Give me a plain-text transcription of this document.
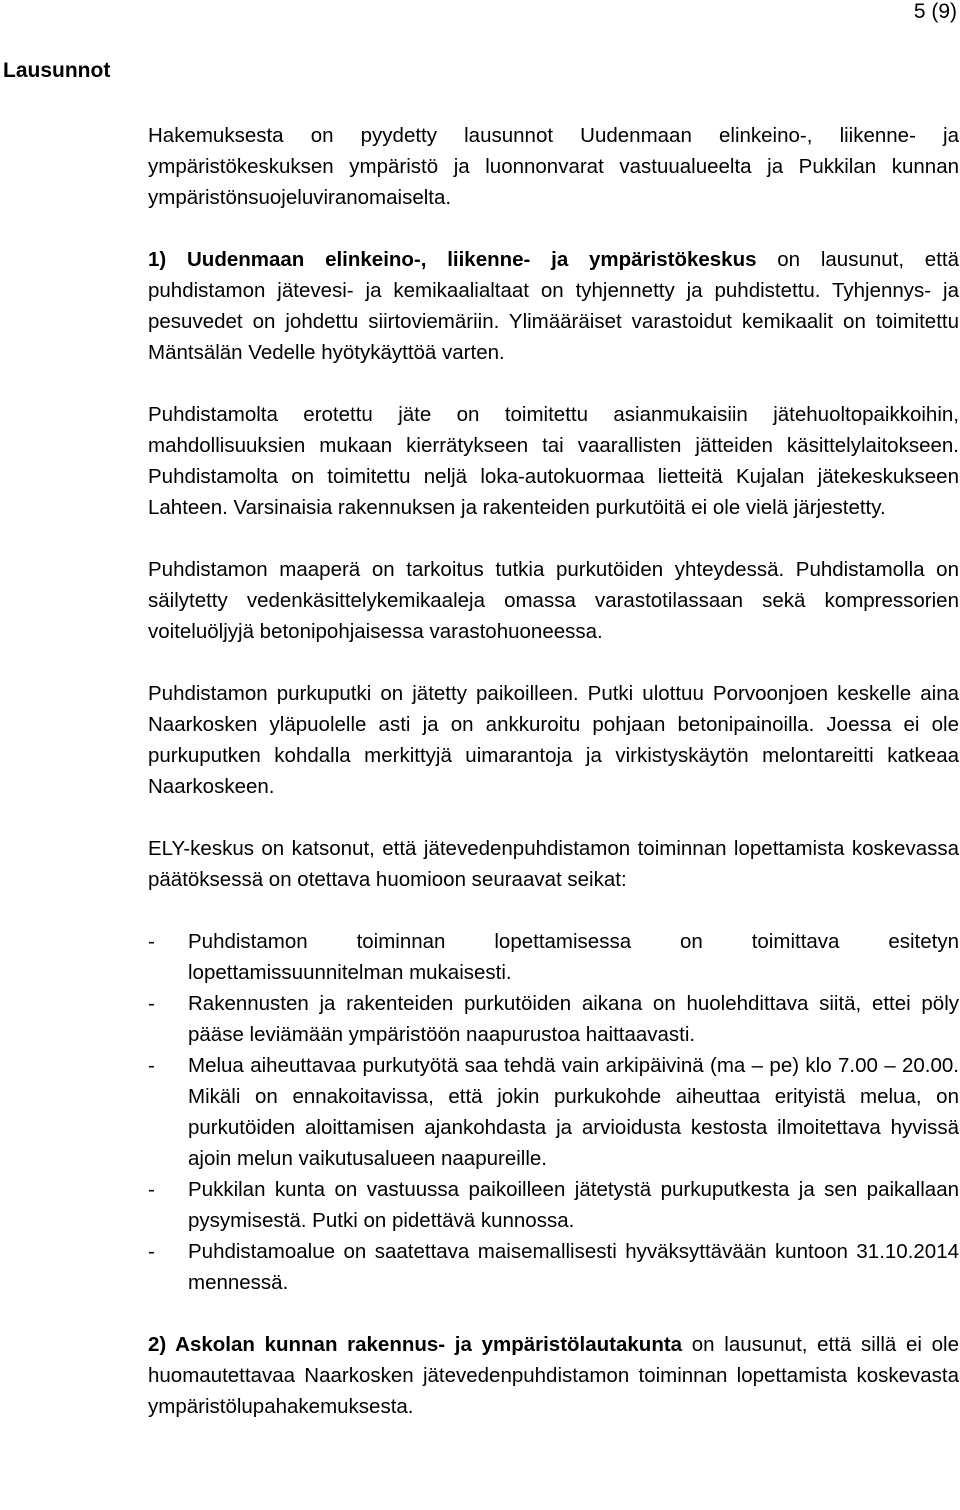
5 (9)
Lausunnot

Hakemuksesta on pyydetty lausunnot Uudenmaan elinkeino-, liikenne- ja ympäristökeskuksen ympäristö ja luonnonvarat vastuualueelta ja Pukkilan kunnan ympäristönsuojeluviranomaiselta.

1) Uudenmaan elinkeino-, liikenne- ja ympäristökeskus on lausunut, että puhdistamon jätevesi- ja kemikaalialtaat on tyhjennetty ja puhdistettu. Tyhjennys- ja pesuvedet on johdettu siirtoviemäriin. Ylimääräiset varastoidut kemikaalit on toimitettu Mäntsälän Vedelle hyötykäyttöä varten.

Puhdistamolta erotettu jäte on toimitettu asianmukaisiin jätehuoltopaikkoihin, mahdollisuuksien mukaan kierrätykseen tai vaarallisten jätteiden käsittelylaitokseen. Puhdistamolta on toimitettu neljä loka-autokuormaa lietteitä Kujalan jätekeskukseen Lahteen. Varsinaisia rakennuksen ja rakenteiden purkutöitä ei ole vielä järjestetty.

Puhdistamon maaperä on tarkoitus tutkia purkutöiden yhteydessä. Puhdistamolla on säilytetty vedenkäsittelykemikaaleja omassa varastotilassaan sekä kompressorien voiteluöljyjä betonipohjaisessa varastohuoneessa.

Puhdistamon purkuputki on jätetty paikoilleen. Putki ulottuu Porvoonjoen keskelle aina Naarkosken yläpuolelle asti ja on ankkuroitu pohjaan betonipainoilla. Joessa ei ole purkuputken kohdalla merkittyjä uimarantoja ja virkistyskäytön melontareitti katkeaa Naarkoskeen.

ELY-keskus on katsonut, että jätevedenpuhdistamon toiminnan lopettamista koskevassa päätöksessä on otettava huomioon seuraavat seikat:

- Puhdistamon toiminnan lopettamisessa on toimittava esitetyn lopettamissuunnitelman mukaisesti.
- Rakennusten ja rakenteiden purkutöiden aikana on huolehdittava siitä, ettei pöly pääse leviämään ympäristöön naapurustoa haittaavasti.
- Melua aiheuttavaa purkutyötä saa tehdä vain arkipäivinä (ma – pe) klo 7.00 – 20.00. Mikäli on ennakoitavissa, että jokin purkukohde aiheuttaa erityistä melua, on purkutöiden aloittamisen ajankohdasta ja arvioidusta kestosta ilmoitettava hyvissä ajoin melun vaikutusalueen naapureille.
- Pukkilan kunta on vastuussa paikoilleen jätetystä purkuputkesta ja sen paikallaan pysymisestä. Putki on pidettävä kunnossa.
- Puhdistamoalue on saatettava maisemallisesti hyväksyttävään kuntoon 31.10.2014 mennessä.

2) Askolan kunnan rakennus- ja ympäristölautakunta on lausunut, että sillä ei ole huomautettavaa Naarkosken jätevedenpuhdistamon toiminnan lopettamista koskevasta ympäristölupahakemuksesta.
